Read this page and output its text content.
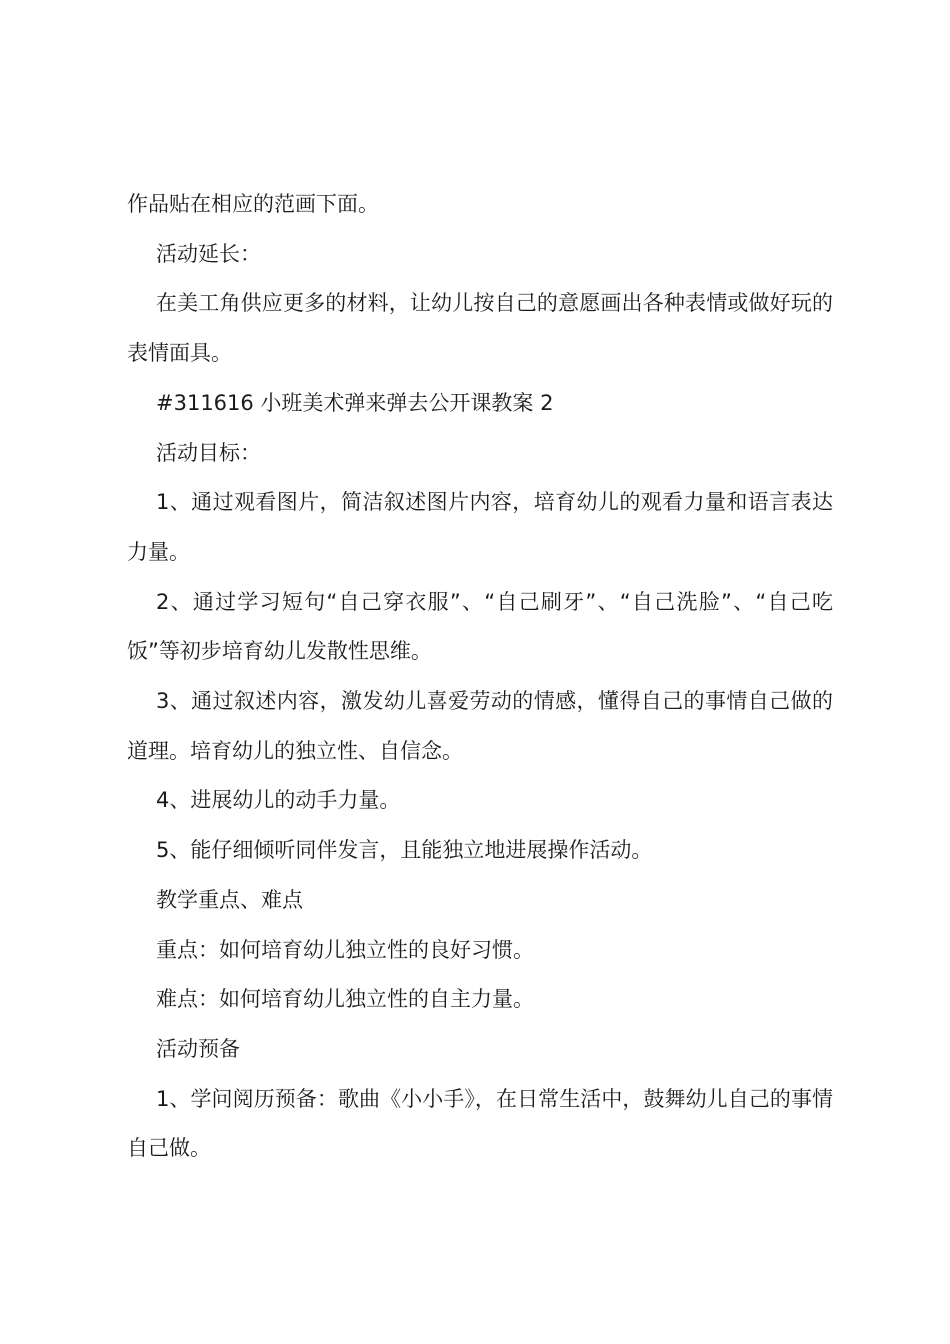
作品贴在相应的范画下面。

活动延长：

在美工角供应更多的材料，让幼儿按自己的意愿画出各种表情或做好玩的表情面具。

#311616 小班美术弹来弹去公开课教案 2

活动目标：

1、通过观看图片，简洁叙述图片内容，培育幼儿的观看力量和语言表达力量。

2、通过学习短句“自己穿衣服”、“自己刷牙”、“自己洗脸”、“自己吃饭”等初步培育幼儿发散性思维。

3、通过叙述内容，激发幼儿喜爱劳动的情感，懂得自己的事情自己做的道理。培育幼儿的独立性、自信念。

4、进展幼儿的动手力量。

5、能仔细倾听同伴发言，且能独立地进展操作活动。

教学重点、难点

重点：如何培育幼儿独立性的良好习惯。

难点：如何培育幼儿独立性的自主力量。

活动预备

1、学问阅历预备：歌曲《小小手》，在日常生活中，鼓舞幼儿自己的事情自己做。
